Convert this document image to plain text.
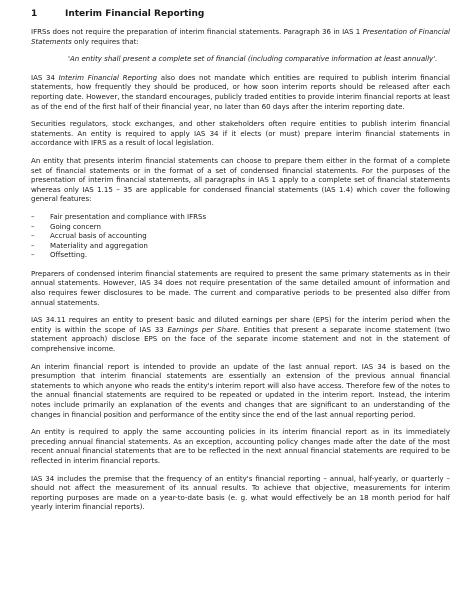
1	Interim Financial Reporting

IFRSs does not require the preparation of interim financial statements. Paragraph 36 in IAS 1 Presentation of Financial Statements only requires that:

'An entity shall present a complete set of financial (including comparative information at least annually'.

IAS 34 Interim Financial Reporting also does not mandate which entities are required to publish interim financial statements, how frequently they should be produced, or how soon interim reports should be released after each reporting date. However, the standard encourages, publicly traded entities to provide interim financial reports at least as of the end of the first half of their financial year, no later than 60 days after the interim reporting date.

Securities regulators, stock exchanges, and other stakeholders often require entities to publish interim financial statements. An entity is required to apply IAS 34 if it elects (or must) prepare interim financial statements in accordance with IFRS as a result of local legislation.

An entity that presents interim financial statements can choose to prepare them either in the format of a complete set of financial statements or in the format of a set of condensed financial statements. For the purposes of the presentation of interim financial statements, all paragraphs in IAS 1 apply to a complete set of financial statements whereas only IAS 1.15 – 35 are applicable for condensed financial statements (IAS 1.4) which cover the following general features:

–	Fair presentation and compliance with IFRSs
–	Going concern
–	Accrual basis of accounting
–	Materiality and aggregation
–	Offsetting.

Preparers of condensed interim financial statements are required to present the same primary statements as in their annual statements. However, IAS 34 does not require presentation of the same detailed amount of information and also requires fewer disclosures to be made. The current and comparative periods to be presented also differ from annual statements.

IAS 34.11 requires an entity to present basic and diluted earnings per share (EPS) for the interim period when the entity is within the scope of IAS 33 Earnings per Share. Entities that present a separate income statement (two statement approach) disclose EPS on the face of the separate income statement and not in the statement of comprehensive income.

An interim financial report is intended to provide an update of the last annual report. IAS 34 is based on the presumption that interim financial statements are essentially an extension of the previous annual financial statements to which anyone who reads the entity's interim report will also have access. Therefore few of the notes to the annual financial statements are required to be repeated or updated in the interim report. Instead, the interim notes include primarily an explanation of the events and changes that are significant to an understanding of the changes in financial position and performance of the entity since the end of the last annual reporting period.

An entity is required to apply the same accounting policies in its interim financial report as in its immediately preceding annual financial statements. As an exception, accounting policy changes made after the date of the most recent annual financial statements that are to be reflected in the next annual financial statements are required to be reflected in interim financial reports.

IAS 34 includes the premise that the frequency of an entity's financial reporting – annual, half-yearly, or quarterly – should not affect the measurement of its annual results. To achieve that objective, measurements for interim reporting purposes are made on a year-to-date basis (e. g. what would effectively be an 18 month period for half yearly interim financial reports).
